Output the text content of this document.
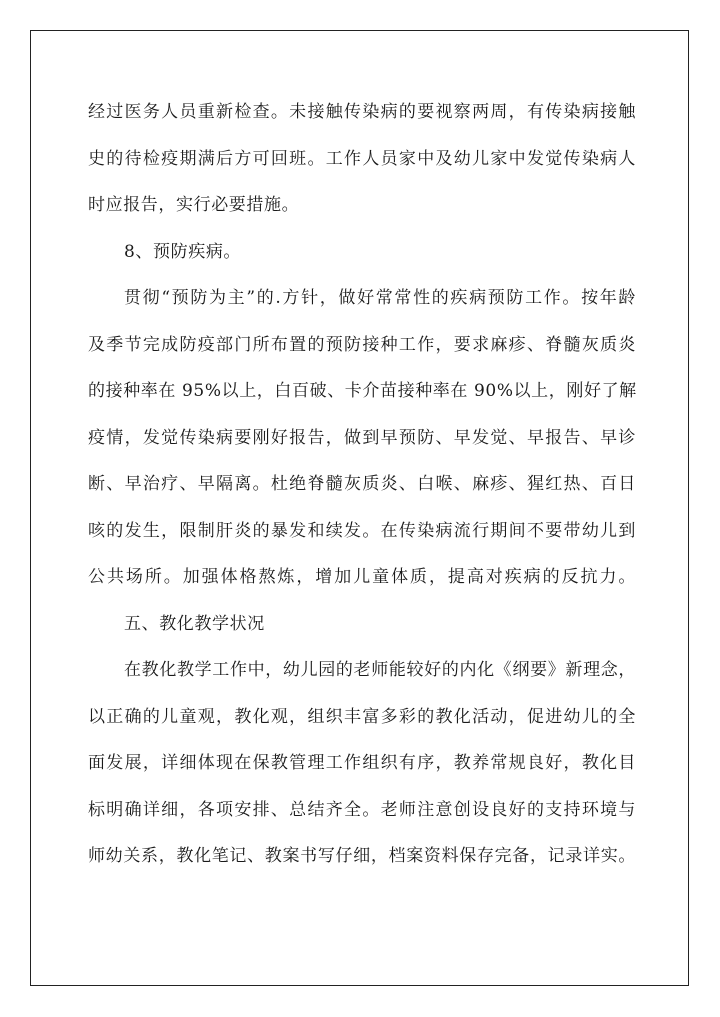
经过医务人员重新检查。未接触传染病的要视察两周，有传染病接触
史的待检疫期满后方可回班。工作人员家中及幼儿家中发觉传染病人
时应报告，实行必要措施。
8、预防疾病。
贯彻“预防为主”的.方针，做好常常性的疾病预防工作。按年龄
及季节完成防疫部门所布置的预防接种工作，要求麻疹、脊髓灰质炎
的接种率在 95%以上，白百破、卡介苗接种率在 90%以上，刚好了解
疫情，发觉传染病要刚好报告，做到早预防、早发觉、早报告、早诊
断、早治疗、早隔离。杜绝脊髓灰质炎、白喉、麻疹、猩红热、百日
咳的发生，限制肝炎的暴发和续发。在传染病流行期间不要带幼儿到
公共场所。加强体格熬炼，增加儿童体质，提高对疾病的反抗力。
五、教化教学状况
在教化教学工作中，幼儿园的老师能较好的内化《纲要》新理念，
以正确的儿童观，教化观，组织丰富多彩的教化活动，促进幼儿的全
面发展，详细体现在保教管理工作组织有序，教养常规良好，教化目
标明确详细，各项安排、总结齐全。老师注意创设良好的支持环境与
师幼关系，教化笔记、教案书写仔细，档案资料保存完备，记录详实。
